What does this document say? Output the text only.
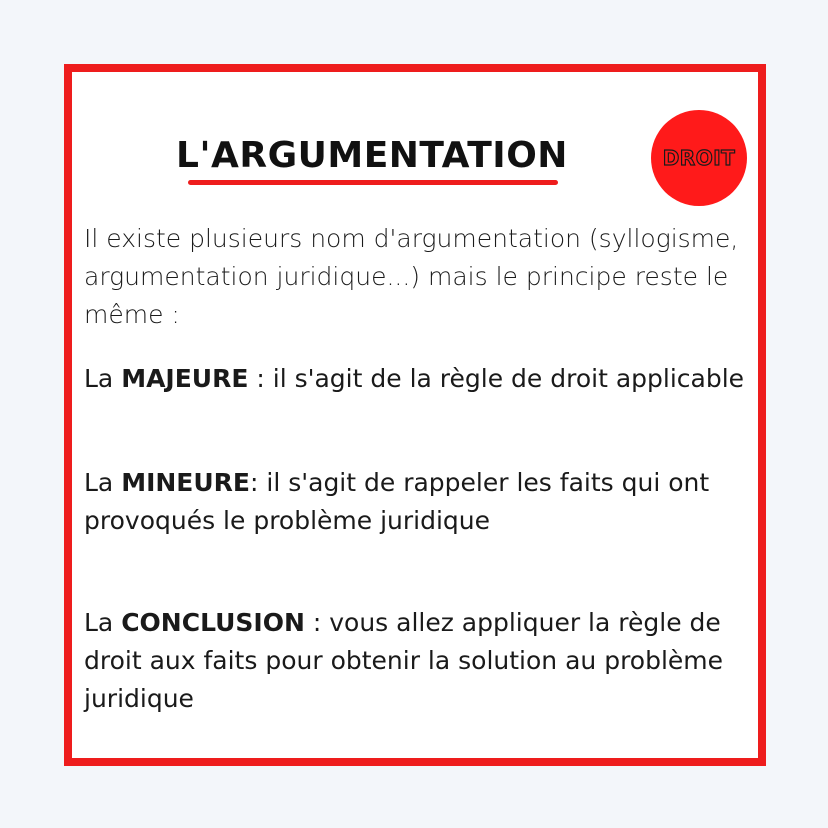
L'ARGUMENTATION	DROIT

Il existe plusieurs nom d'argumentation (syllogisme, argumentation juridique...) mais le principe reste le même :

La MAJEURE : il s'agit de la règle de droit applicable

La MINEURE: il s'agit de rappeler les faits qui ont provoqués le problème juridique

La CONCLUSION : vous allez appliquer la règle de droit aux faits pour obtenir la solution au problème juridique
